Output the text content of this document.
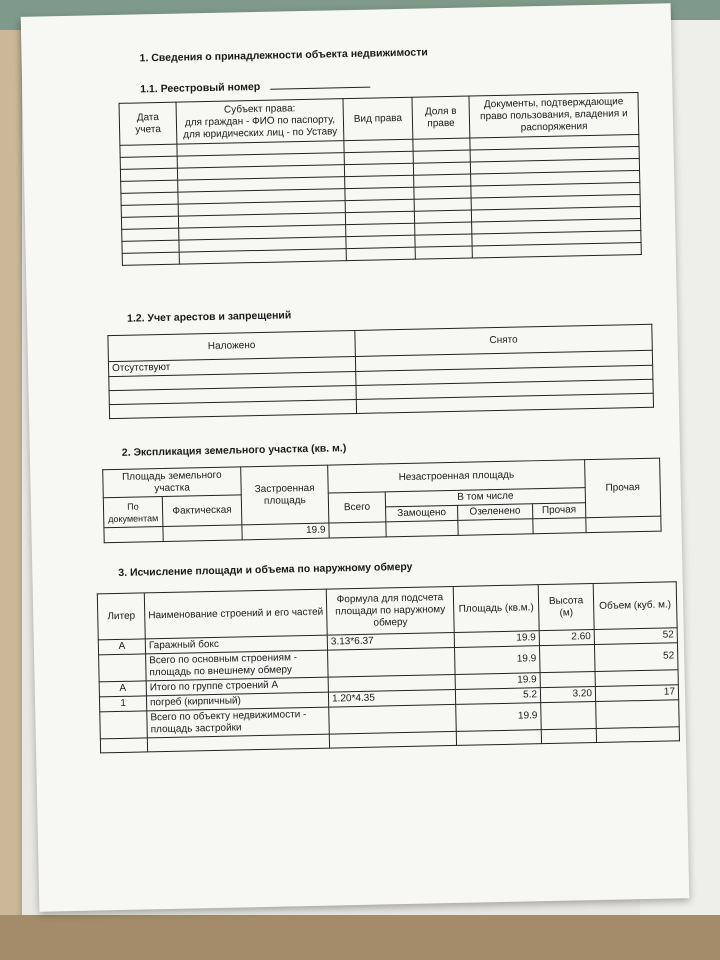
1. Сведения о принадлежности объекта недвижимости
1.1. Реестровый номер
Дата учета	Субъект права:
для граждан - ФИО по паспорту,
для юридических лиц - по Уставу	Вид права	Доля в праве	Документы, подтверждающие право пользования, владения и распоряжения

1.2. Учет арестов и запрещений
Наложено	Снято
Отсутствуют	

2. Экспликация земельного участка (кв. м.)
Площадь земельного участка		Застроенная площадь	Незастроенная площадь				Прочая
По документам	Фактическая		Всего	В том числе			
				Замощено	Озеленено	Прочая	
		19.9					
3. Исчисление площади и объема по наружному обмеру
Литер	Наименование строений и его частей	Формула для подсчета площади по наружному обмеру	Площадь (кв.м.)	Высота (м)	Объем (куб. м.)
А	Гаражный бокс	3.13*6.37	19.9	2.60	52
	Всего по основным строениям - площадь по внешнему обмеру		19.9		52
А	Итого по группе строений А		19.9		
1	погреб (кирпичный)	1.20*4.35	5.2	3.20	17
	Всего по объекту недвижимости - площадь застройки		19.9		
